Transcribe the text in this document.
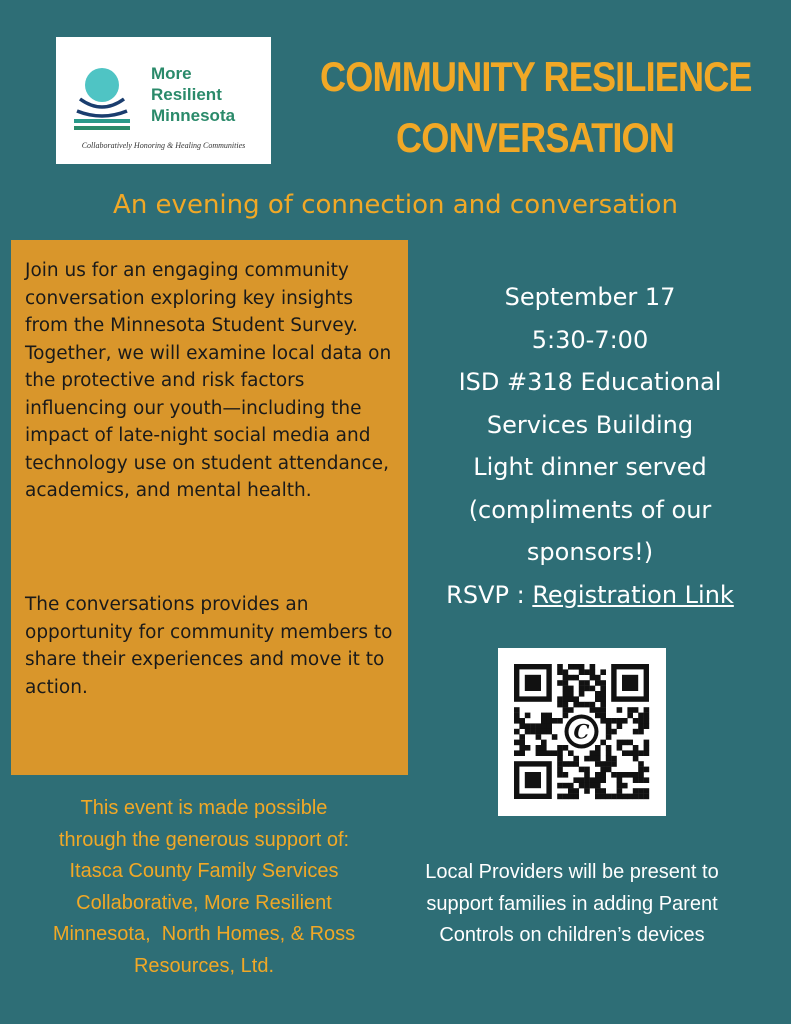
More
Resilient
Minnesota
Collaboratively Honoring & Healing Communities
COMMUNITY RESILIENCE
CONVERSATION
An evening of connection and conversation

Join us for an engaging community conversation exploring key insights from the Minnesota Student Survey. Together, we will examine local data on the protective and risk factors influencing our youth—including the impact of late-night social media and technology use on student attendance, academics, and mental health.

The conversations provides an opportunity for community members to share their experiences and move it to action.

September 17
5:30-7:00
ISD #318 Educational
Services Building
Light dinner served
(compliments of our
sponsors!)
RSVP : Registration Link
C
This event is made possible
through the generous support of:
Itasca County Family Services
Collaborative, More Resilient
Minnesota,  North Homes, & Ross
Resources, Ltd.
Local Providers will be present to
support families in adding Parent
Controls on children’s devices
